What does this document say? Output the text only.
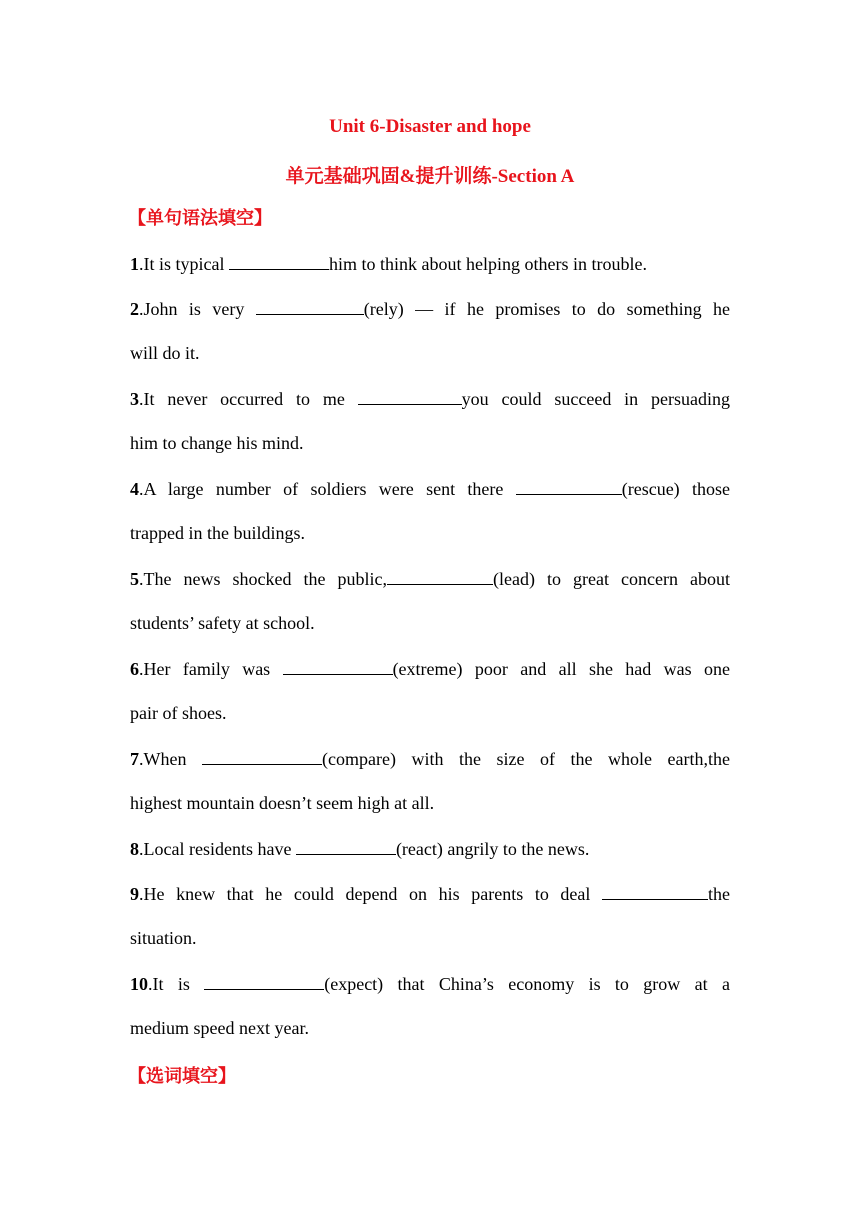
Unit 6-Disaster and hope
单元基础巩固&提升训练-Section A
【单句语法填空】
1.It is typical	him to think about helping others in trouble.
2.John is very	(rely) — if he promises to do something he
will do it.
3.It never occurred to me	you could succeed in persuading
him to change his mind.
4.A large number of soldiers were sent there	(rescue) those
trapped in the buildings.
5.The news shocked the public,	(lead) to great concern about
students’ safety at school.
6.Her family was	(extreme) poor and all she had was one
pair of shoes.
7.When	(compare) with the size of the whole earth,the
highest mountain doesn’t seem high at all.
8.Local residents have	(react) angrily to the news.
9.He knew that he could depend on his parents to deal	the
situation.
10.It is	(expect) that China’s economy is to grow at a
medium speed next year.
【选词填空】
